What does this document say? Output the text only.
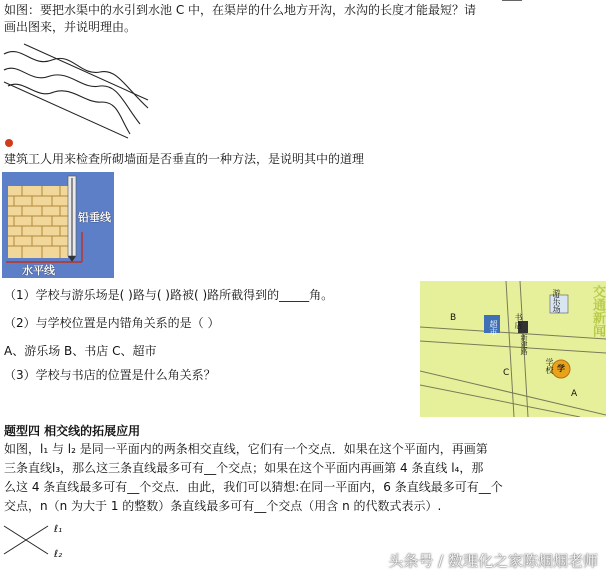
如图：要把水渠中的水引到水池 C 中，在渠岸的什么地方开沟，水沟的长度才能最短？请
画出图来，并说明理由。
建筑工人用来检查所砌墙面是否垂直的一种方法，是说明其中的道理
铅垂线
水平线
（1）学校与游乐场是( )路与( )路被( )路所截得到的_____角。
（2）与学校位置是内错角关系的是（ ）
A、游乐场 B、书店 C、超市
（3）学校与书店的位置是什么角关系？
交通新闻
游乐场
超市 书店
新建路
学校 学
A
B
C
题型四 相交线的拓展应用
如图，l₁ 与 l₂ 是同一平面内的两条相交直线，它们有一个交点．如果在这个平面内，再画第
三条直线l₃，那么这三条直线最多可有__个交点；如果在这个平面内再画第 4 条直线 l₄，那
么这 4 条直线最多可有__个交点．由此，我们可以猜想:在同一平面内，6 条直线最多可有__个
交点，n（n 为大于 1 的整数）条直线最多可有__个交点（用含 n 的代数式表示）.
ℓ₁
ℓ₂	头条号 / 数理化之家陈烟烟老师
